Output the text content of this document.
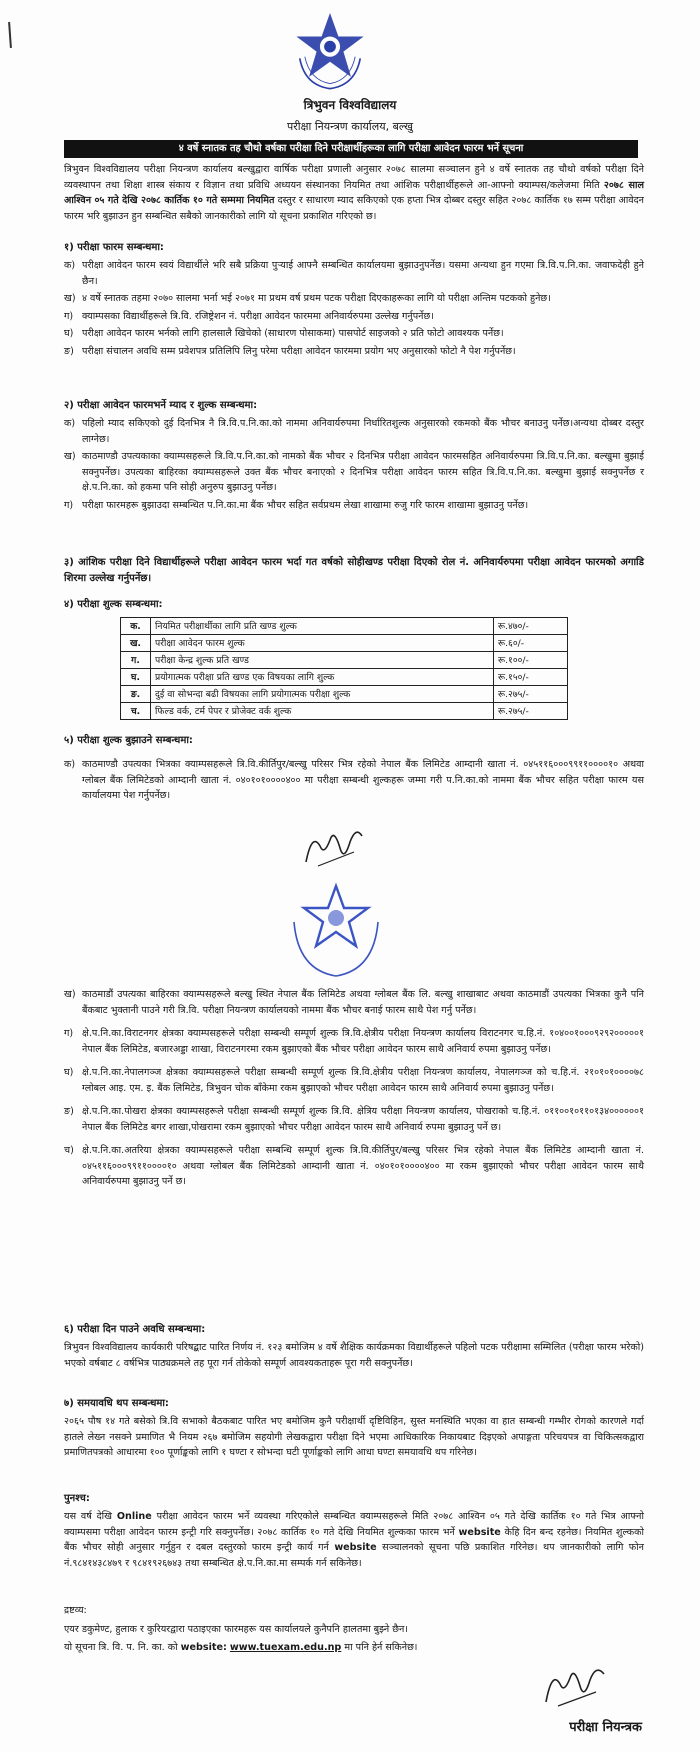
त्रिभुवन विश्वविद्यालय
परीक्षा नियन्त्रण कार्यालय, बल्खु
४ वर्षे स्नातक तह चौथो वर्षका परीक्षा दिने परीक्षार्थीहरूका लागि परीक्षा आवेदन फारम भर्ने सूचना
त्रिभुवन विश्वविद्यालय परीक्षा नियन्त्रण कार्यालय बल्खुद्वारा वार्षिक परीक्षा प्रणाली अनुसार २०७८ सालमा सञ्चालन हुने ४ वर्षे स्नातक तह चौथो वर्षको परीक्षा दिने व्यवस्थापन तथा शिक्षा शास्त्र संकाय र विज्ञान तथा प्रविधि अध्ययन संस्थानका नियमित तथा आंशिक परीक्षार्थीहरूले आ-आफ्नो क्याम्पस/कलेजमा मिति २०७८ साल आश्विन ०५ गते देखि २०७८ कार्तिक १० गते सम्ममा नियमित दस्तुर र साधारण म्याद सकिएको एक हप्ता भित्र दोब्बर दस्तुर सहित २०७८ कार्तिक १७ सम्म परीक्षा आवेदन फारम भरि बुझाउन हुन सम्बन्धित सबैको जानकारीको लागि यो सूचना प्रकाशित गरिएको छ।
१) परीक्षा फारम सम्बन्धमा:
क) परीक्षा आवेदन फारम स्वयं विद्यार्थीले भरि सबै प्रक्रिया पुऱ्याई आफ्नै सम्बन्धित कार्यालयमा बुझाउनुपर्नेछ। यसमा अन्यथा हुन गएमा त्रि.वि.प.नि.का. जवाफदेही हुने छैन।
ख) ४ वर्षे स्नातक तहमा २०७० सालमा भर्ना भई २०७१ मा प्रथम वर्ष प्रथम पटक परीक्षा दिएकाहरूका लागि यो परीक्षा अन्तिम पटकको हुनेछ।
ग) क्याम्पसका विद्यार्थीहरूले त्रि.वि. रजिष्ट्रेशन नं. परीक्षा आवेदन फारममा अनिवार्यरुपमा उल्लेख गर्नुपर्नेछ।
घ) परीक्षा आवेदन फारम भर्नको लागि हालसालै खिचेको (साधारण पोसाकमा) पासपोर्ट साइजको २ प्रति फोटो आवश्यक पर्नेछ।
ङ) परीक्षा संचालन अवधि सम्म प्रवेशपत्र प्रतिलिपि लिनु परेमा परीक्षा आवेदन फारममा प्रयोग भए अनुसारको फोटो नै पेश गर्नुपर्नेछ।
२) परीक्षा आवेदन फारमभर्ने म्याद र शुल्क सम्बन्धमा:
क) पहिलो म्याद सकिएको दुई दिनभित्र नै त्रि.वि.प.नि.का.को नाममा अनिवार्यरुपमा निर्धारितशुल्क अनुसारको रकमको बैंक भौचर बनाउनु पर्नेछ।अन्यथा दोब्बर दस्तुर लाग्नेछ।
ख) काठमाण्डौ उपत्यकाका क्याम्पसहरूले त्रि.वि.प.नि.का.को नामको बैंक भौचर २ दिनभित्र परीक्षा आवेदन फारमसहित अनिवार्यरुपमा त्रि.वि.प.नि.का. बल्खुमा बुझाई सक्नुपर्नेछ। उपत्यका बाहिरका क्याम्पसहरूले उक्त बैंक भौचर बनाएको २ दिनभित्र परीक्षा आवेदन फारम सहित त्रि.वि.प.नि.का. बल्खुमा बुझाई सक्नुपर्नेछ र क्षे.प.नि.का. को हकमा पनि सोही अनुरुप बुझाउनु पर्नेछ।
ग) परीक्षा फारमहरू बुझाउदा सम्बन्धित प.नि.का.मा बैंक भौचर सहित सर्वप्रथम लेखा शाखामा रुजु गरि फारम शाखामा बुझाउनु पर्नेछ।
३) आंशिक परीक्षा दिने विद्यार्थीहरूले परीक्षा आवेदन फारम भर्दा गत वर्षको सोहीखण्ड परीक्षा दिएको रोल नं. अनिवार्यरुपमा परीक्षा आवेदन फारमको अगाडि शिरमा उल्लेख गर्नुपर्नेछ।
४) परीक्षा शुल्क सम्बन्धमा:
क.	नियमित परीक्षार्थीका लागि प्रति खण्ड शुल्क	रू.४७०/-
ख.	परीक्षा आवेदन फारम शुल्क	रू.६०/-
ग.	परीक्षा केन्द्र शुल्क प्रति खण्ड	रू.१००/-
घ.	प्रयोगात्मक परीक्षा प्रति खण्ड एक विषयका लागि शुल्क	रू.१५०/-
ङ.	दुई वा सोभन्दा बढी विषयका लागि प्रयोगात्मक परीक्षा शुल्क	रू.२७५/-
च.	फिल्ड वर्क, टर्म पेपर र प्रोजेक्ट वर्क शुल्क	रू.२७५/-
५) परीक्षा शुल्क बुझाउने सम्बन्धमा:
क) काठमाण्डौ उपत्यका भित्रका क्याम्पसहरूले त्रि.वि.कीर्तिपुर/बल्खु परिसर भित्र रहेको नेपाल बैंक लिमिटेड आम्दानी खाता नं. ०४५११६०००९९११००००१० अथवा ग्लोबल बैंक लिमिटेडको आम्दानी खाता नं. ०४०१०१००००४०० मा परीक्षा सम्बन्धी शुल्कहरू जम्मा गरी प.नि.का.को नाममा बैंक भौचर सहित परीक्षा फारम यस कार्यालयमा पेश गर्नुपर्नेछ।
ख) काठमाडौं उपत्यका बाहिरका क्याम्पसहरूले बल्खु स्थित नेपाल बैंक लिमिटेड अथवा ग्लोबल बैंक लि. बल्खु शाखाबाट अथवा काठमाडौं उपत्यका भित्रका कुनै पनि बैंकबाट भुक्तानी पाउने गरी त्रि.वि. परीक्षा नियन्त्रण कार्यालयको नाममा बैंक भौचर बनाई फारम साथै पेश गर्नु पर्नेछ।
ग) क्षे.प.नि.का.विराटनगर क्षेत्रका क्याम्पसहरूले परीक्षा सम्बन्धी सम्पूर्ण शुल्क त्रि.वि.क्षेत्रीय परीक्षा नियन्त्रण कार्यालय विराटनगर च.हि.नं. १०४००१०००९२९२०००००१ नेपाल बैंक लिमिटेड, बजारअड्डा शाखा, विराटनगरमा रकम बुझाएको बैंक भौचर परीक्षा आवेदन फारम साथै अनिवार्य रुपमा बुझाउनु पर्नेछ।
घ) क्षे.प.नि.का.नेपालगञ्ज क्षेत्रका क्याम्पसहरूले परीक्षा सम्बन्धी सम्पूर्ण शुल्क त्रि.वि.क्षेत्रीय परीक्षा नियन्त्रण कार्यालय, नेपालगञ्ज को च.हि.नं. २१०१०१००००७८ ग्लोबल आइ. एम. इ. बैंक लिमिटेड, त्रिभुवन चोक बाँकेमा रकम बुझाएको भौचर परीक्षा आवेदन फारम साथै अनिवार्य रुपमा बुझाउनु पर्नेछ।
ङ) क्षे.प.नि.का.पोखरा क्षेत्रका क्याम्पसहरूले परीक्षा सम्बन्धी सम्पूर्ण शुल्क त्रि.वि. क्षेत्रिय परीक्षा नियन्त्रण कार्यालय, पोखराको च.हि.नं. ०११००१०११०१३४००००००१ नेपाल बैंक लिमिटेड बगर शाखा,पोखरामा रकम बुझाएको भौचर परीक्षा आवेदन फारम साथै अनिवार्य रुपमा बुझाउनु पर्ने छ।
च) क्षे.प.नि.का.अतरिया क्षेत्रका क्याम्पसहरूले परीक्षा सम्बन्धि सम्पूर्ण शुल्क त्रि.वि.कीर्तिपुर/बल्खु परिसर भित्र रहेको नेपाल बैंक लिमिटेड आम्दानी खाता नं. ०४५११६०००९९११००००१० अथवा ग्लोबल बैंक लिमिटेडको आम्दानी खाता नं. ०४०१०१००००४०० मा रकम बुझाएको भौचर परीक्षा आवेदन फारम साथै अनिवार्यरुपमा बुझाउनु पर्ने छ।
६) परीक्षा दिन पाउने अवधि सम्बन्धमा:
त्रिभुवन विश्वविद्यालय कार्यकारी परिषद्बाट पारित निर्णय नं. १२३ बमोजिम ४ वर्षे शैक्षिक कार्यक्रमका विद्यार्थीहरूले पहिलो पटक परीक्षामा सम्मिलित (परीक्षा फारम भरेको) भएको वर्षबाट ८ वर्षभित्र पाठ्यक्रमले तह पूरा गर्न तोकेको सम्पूर्ण आवश्यकताहरू पूरा गरी सक्नुपर्नेछ।
७) समयावधि थप सम्बन्धमा:
२०६५ पौष १४ गते बसेको त्रि.वि सभाको बैठकबाट पारित भए बमोजिम कुनै परीक्षार्थी दृष्टिविहिन, सुस्त मनस्थिति भएका वा हात सम्बन्धी गम्भीर रोगको कारणले गर्दा हातले लेख्न नसक्ने प्रमाणित भै नियम २६७ बमोजिम सहयोगी लेखकद्वारा परीक्षा दिने भएमा आधिकारिक निकायबाट दिइएको अपाङ्गता परिचयपत्र वा चिकित्सकद्वारा प्रमाणितपत्रको आधारमा १०० पूर्णाङ्कको लागि १ घण्टा र सोभन्दा घटी पूर्णाङ्कको लागि आधा घण्टा समयावधि थप गरिनेछ।
पुनश्च:
यस वर्ष देखि Online परीक्षा आवेदन फारम भर्ने व्यवस्था गरिएकोले सम्बन्धित क्याम्पसहरूले मिति २०७८ आश्विन ०५ गते देखि कार्तिक १० गते भित्र आफ्नो क्याम्पसमा परीक्षा आवेदन फारम इन्ट्री गरि सक्नुपर्नेछ। २०७८ कार्तिक १० गते देखि नियमित शुल्कका फारम भर्ने website केहि दिन बन्द रहनेछ। नियमित शुल्कको बैंक भौचर सोही अनुसार गर्नुहुन र दबल दस्तुरको फारम इन्ट्री कार्य गर्न website सञ्चालनको सूचना पछि प्रकाशित गरिनेछ। थप जानकारीको लागि फोन नं.९८४१४३८४७९ र ९८४१९२६७४३ तथा सम्बन्धित क्षे.प.नि.का.मा सम्पर्क गर्न सकिनेछ।
द्रष्टव्य:
एयर डकुमेण्ट, हुलाक र कुरियरद्वारा पठाइएका फारमहरू यस कार्यालयले कुनैपनि हालतमा बुझ्ने छैन।
यो सूचना त्रि. वि. प. नि. का. को website: www.tuexam.edu.np मा पनि हेर्न सकिनेछ।
परीक्षा नियन्त्रक
